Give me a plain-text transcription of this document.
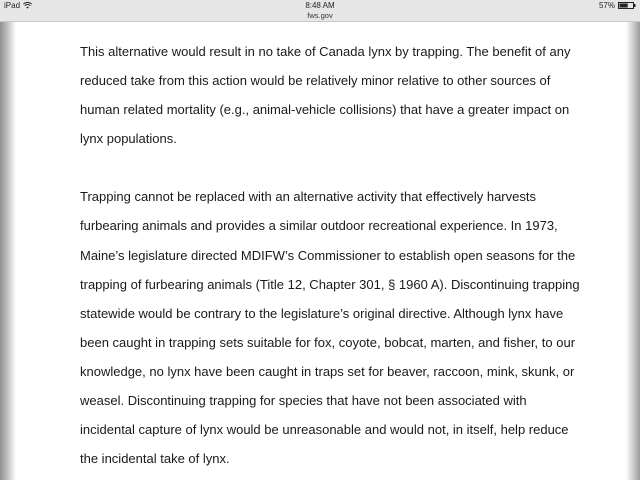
iPad	8:48 AM	57%
fws.gov

This alternative would result in no take of Canada lynx by trapping. The benefit of any
reduced take from this action would be relatively minor relative to other sources of
human related mortality (e.g., animal-vehicle collisions) that have a greater impact on
lynx populations.

Trapping cannot be replaced with an alternative activity that effectively harvests
furbearing animals and provides a similar outdoor recreational experience. In 1973,
Maine’s legislature directed MDIFW’s Commissioner to establish open seasons for the
trapping of furbearing animals (Title 12, Chapter 301, § 1960 A). Discontinuing trapping
statewide would be contrary to the legislature’s original directive. Although lynx have
been caught in trapping sets suitable for fox, coyote, bobcat, marten, and fisher, to our
knowledge, no lynx have been caught in traps set for beaver, raccoon, mink, skunk, or
weasel. Discontinuing trapping for species that have not been associated with
incidental capture of lynx would be unreasonable and would not, in itself, help reduce
the incidental take of lynx.
